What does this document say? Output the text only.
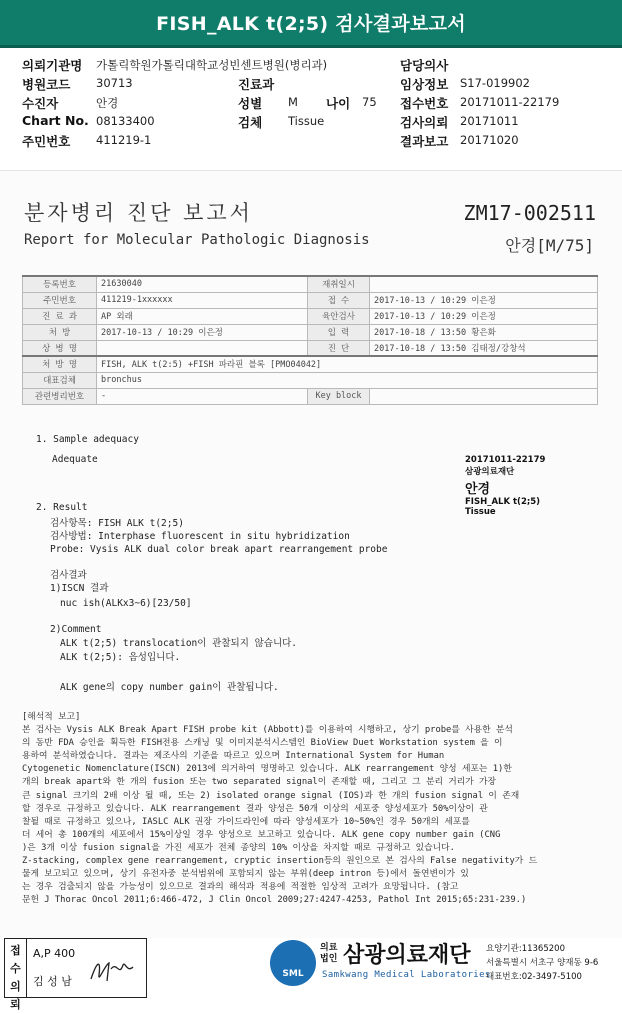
FISH_ALK t(2;5) 검사결과보고서
의뢰기관명 가톨릭학원가톨릭대학교성빈센트병원(병리과)
병원코드 30713
수진자	안경
Chart No. 08133400
주민번호 411219-1
진료과
성별 M 나이 75
검체 Tissue
담당의사
임상정보 S17-019902
접수번호 20171011-22179
검사의뢰 20171011
결과보고 20171020
분자병리 진단 보고서
Report for Molecular Pathologic Diagnosis
ZM17-002511
안경[M/75]
등록번호	21630040	재취일시	
주민번호	411219-1xxxxxx	접 수	2017-10-13 / 10:29 이은정
진 료 과	AP 외래	육안검사	2017-10-13 / 10:29 이은정
처 방	2017-10-13 / 10:29 이은정	입 력	2017-10-18 / 13:50 황은화
상 병 명		진 단	2017-10-18 / 13:50 김태정/강창석
처 방 명	FISH, ALK t(2:5) +FISH 파라핀 블록 [PMO04042]		
대표검체	bronchus		
관련병리번호	-	Key block	
1. Sample adequacy
Adequate
2. Result
검사항목: FISH ALK t(2;5)
검사방법: Interphase fluorescent in situ hybridization
Probe: Vysis ALK dual color break apart rearrangement probe
검사결과
1)ISCN 결과
nuc ish(ALKx3~6)[23/50]
2)Comment
ALK t(2;5) translocation이 관찰되지 않습니다.
ALK t(2;5): 음성입니다.
ALK gene의 copy number gain이 관찰됩니다.
20171011-22179
삼광의료재단
안경
FISH_ALK t(2;5)
Tissue
[해석적 보고]
본 검사는 Vysis ALK Break Apart FISH probe kit (Abbott)를 이용하여 시행하고, 상기 probe를 사용한 분석
의 동반 FDA 승인을 획득한 FISH전용 스캐닝 및 이미지분석시스템인 BioView Duet Workstation system 을 이
용하여 분석하였습니다. 결과는 제조사의 기준을 따르고 있으며 International System for Human
Cytogenetic Nomenclature(ISCN) 2013에 의거하여 명명하고 있습니다. ALK rearrangement 양성 세포는 1)한
개의 break apart와 한 개의 fusion 또는 two separated signal이 존재할 때, 그리고 그 분리 거리가 가장
큰 signal 크기의 2배 이상 될 때, 또는 2) isolated orange signal (IOS)과 한 개의 fusion signal 이 존재
할 경우로 규정하고 있습니다. ALK rearrangement 결과 양성은 50개 이상의 세포중 양성세포가 50%이상이 관
찰될 때로 규정하고 있으나, IASLC ALK 권장 가이드라인에 따라 양성세포가 10~50%인 경우 50개의 세포를
더 세어 총 100개의 세포에서 15%이상일 경우 양성으로 보고하고 있습니다. ALK gene copy number gain (CNG
)은 3개 이상 fusion signal을 가진 세포가 전체 종양의 10% 이상을 차지할 때로 규정하고 있습니다.
Z-stacking, complex gene rearrangement, cryptic insertion등의 원인으로 본 검사의 False negativity가 드
물게 보고되고 있으며, 상기 유전자중 분석범위에 포함되지 않는 부위(deep intron 등)에서 돌연변이가 있
는 경우 검출되지 않을 가능성이 있으므로 결과의 해석과 적용에 적절한 임상적 고려가 요망됩니다. (참고
문헌 J Thorac Oncol 2011;6:466-472, J Clin Oncol 2009;27:4247-4253, Pathol Int 2015;65:231-239.)
접 수 의 뢰
A,P 400
김 성 남
SML
의료
법인 삼광의료재단
Samkwang Medical Laboratories
요양기관:11365200
서울특별시 서초구 양재동 9-6
대표번호:02-3497-5100
